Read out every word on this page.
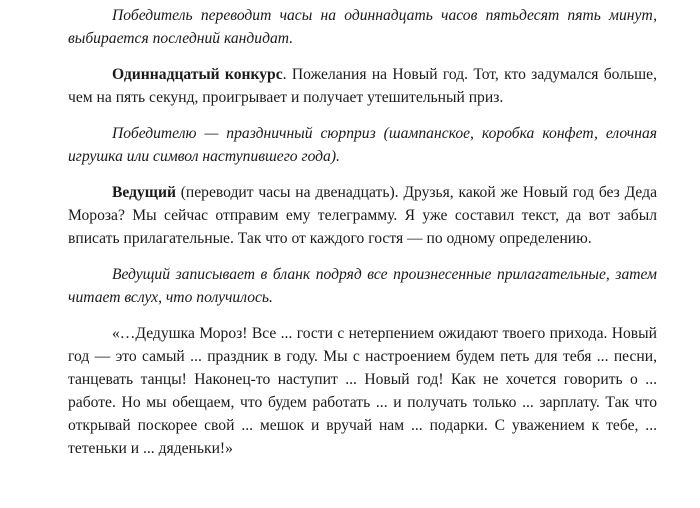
Победитель переводит часы на одиннадцать часов пятьдесят пять минут, выбирается последний кандидат.

Одиннадцатый конкурс. Пожелания на Новый год. Тот, кто задумался больше, чем на пять секунд, проигрывает и получает утешительный приз.

Победителю — праздничный сюрприз (шампанское, коробка конфет, елочная игрушка или символ наступившего года).

Ведущий (переводит часы на двенадцать). Друзья, какой же Новый год без Деда Мороза? Мы сейчас отправим ему телеграмму. Я уже составил текст, да вот забыл вписать прилагательные. Так что от каждого гостя — по одному определению.

Ведущий записывает в бланк подряд все произнесенные прилагательные, затем читает вслух, что получилось.

«…Дедушка Мороз! Все ... гости с нетерпением ожидают твоего прихода. Новый год — это самый ... праздник в году. Мы с настроением будем петь для тебя ... песни, танцевать танцы! Наконец-то наступит ... Новый год! Как не хочется говорить о ... работе. Но мы обещаем, что будем работать ... и получать только ... зарплату. Так что открывай поскорее свой ... мешок и вручай нам ... подарки. С уважением к тебе, ... тетеньки и ... дяденьки!»
